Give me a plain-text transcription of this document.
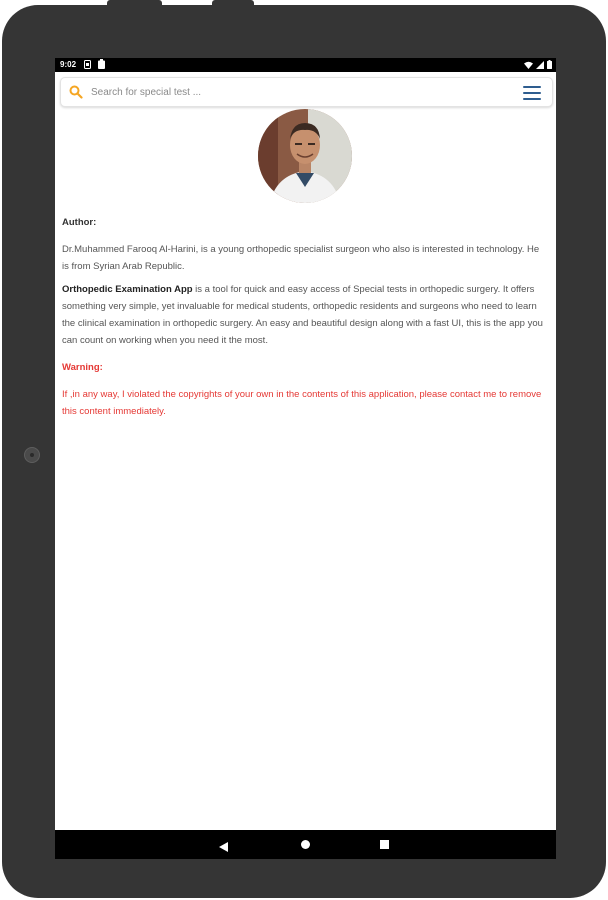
9:02
Search for special test ...

Author:

Dr.Muhammed Farooq Al-Harini, is a young orthopedic specialist surgeon who also is interested in technology. He is from Syrian Arab Republic.

Orthopedic Examination App is a tool for quick and easy access of Special tests in orthopedic surgery. It offers something very simple, yet invaluable for medical students, orthopedic residents and surgeons who need to learn the clinical examination in orthopedic surgery. An easy and beautiful design along with a fast UI, this is the app you can count on working when you need it the most.

Warning:

If ,in any way, I violated the copyrights of your own in the contents of this application, please contact me to remove this content immediately.
